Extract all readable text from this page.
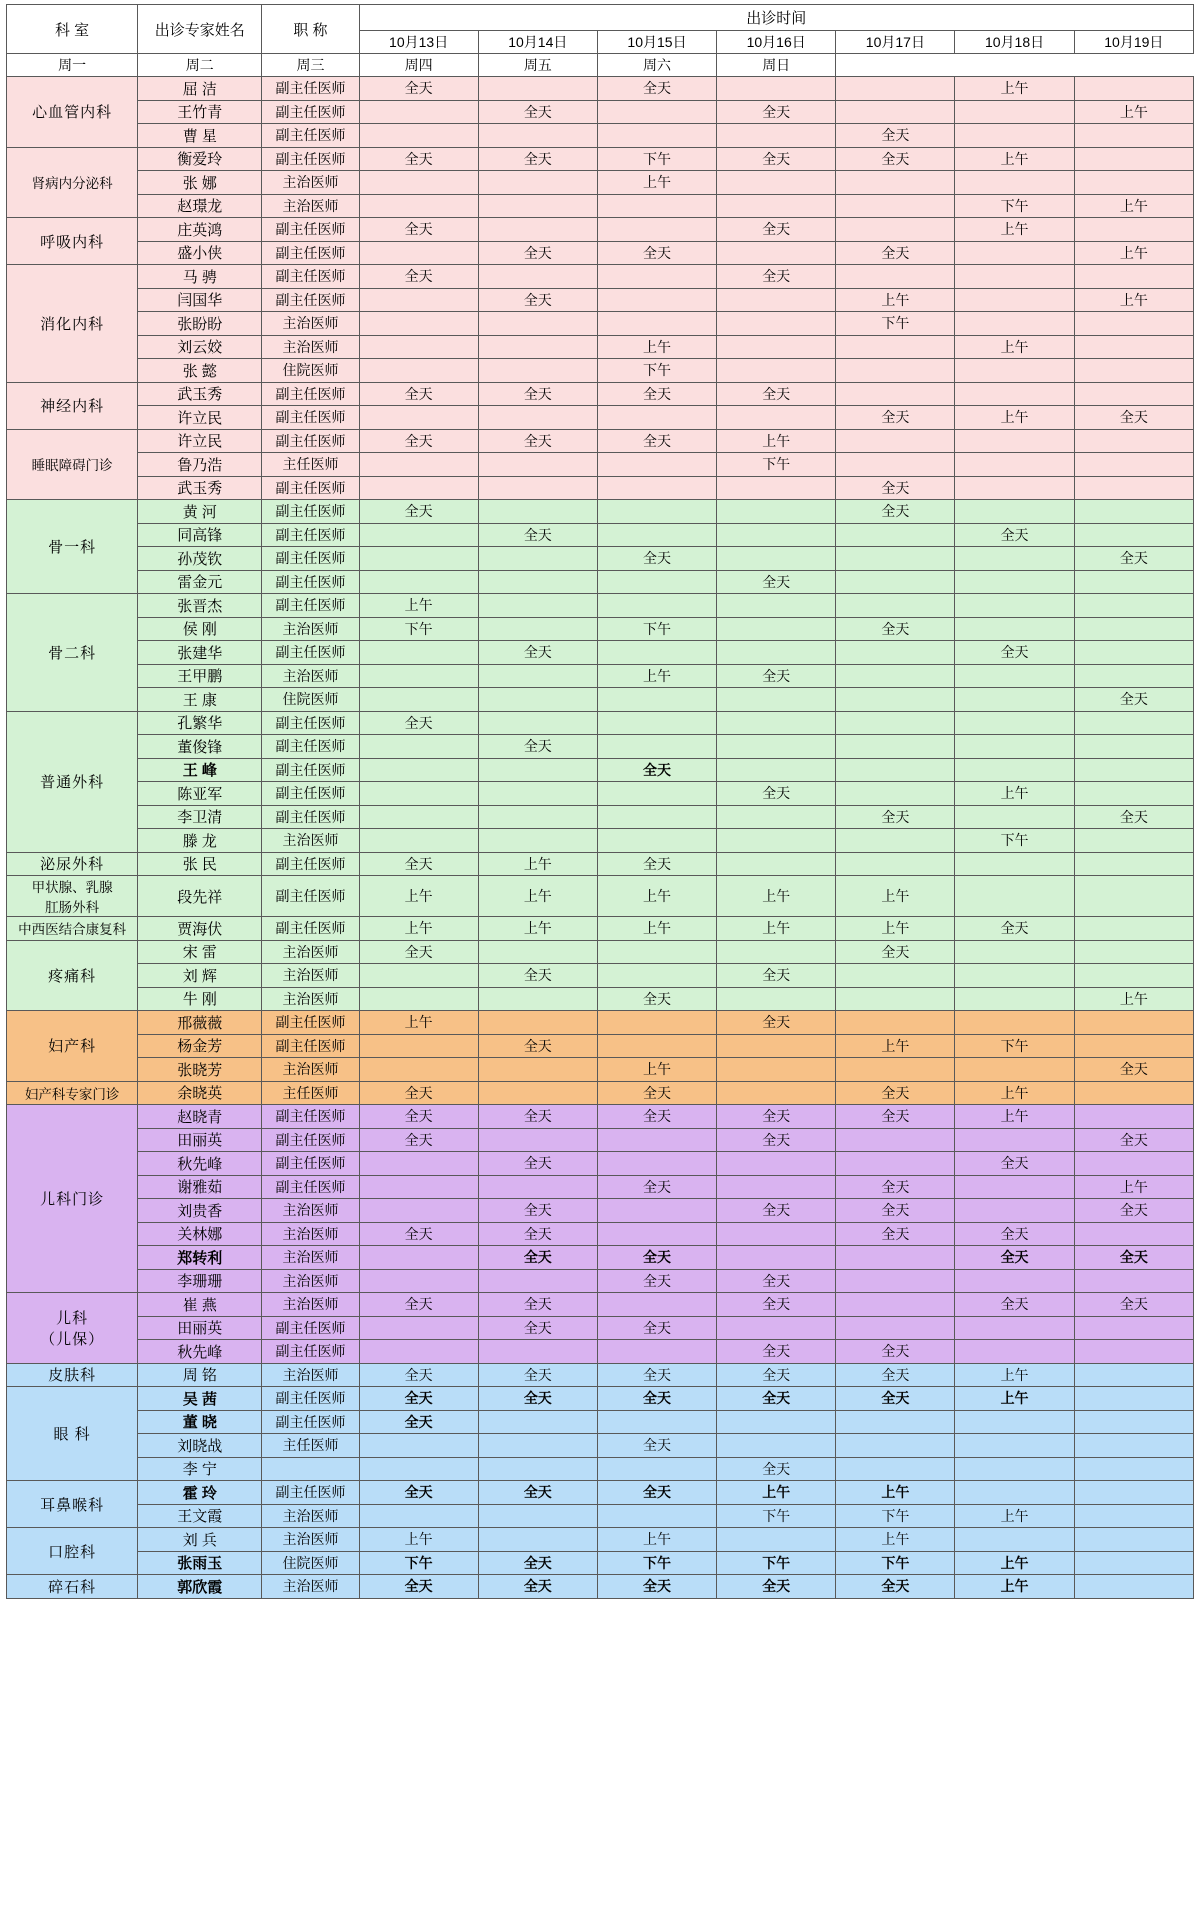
科 室	出诊专家姓名	职 称	出诊时间						
			10月13日	10月14日	10月15日	10月16日	10月17日	10月18日	10月19日
周一	周二	周三	周四	周五	周六	周日			
心血管内科	屈 洁	副主任医师	全天		全天			上午	
	王竹青	副主任医师		全天		全天			上午
	曹 星	副主任医师					全天		
肾病内分泌科	衡爱玲	副主任医师	全天	全天	下午	全天	全天	上午	
	张 娜	主治医师			上午				
	赵璟龙	主治医师						下午	上午
呼吸内科	庄英鸿	副主任医师	全天			全天		上午	
	盛小侠	副主任医师		全天	全天		全天		上午
消化内科	马 骋	副主任医师	全天			全天			
	闫国华	副主任医师		全天			上午		上午
	张盼盼	主治医师					下午		
	刘云姣	主治医师			上午			上午	
	张 懿	住院医师			下午				
神经内科	武玉秀	副主任医师	全天	全天	全天	全天			
	许立民	副主任医师					全天	上午	全天
睡眠障碍门诊	许立民	副主任医师	全天	全天	全天	上午			
	鲁乃浩	主任医师				下午			
	武玉秀	副主任医师					全天		
骨一科	黄 河	副主任医师	全天				全天		
	同高锋	副主任医师		全天				全天	
	孙茂钦	副主任医师			全天				全天
	雷金元	副主任医师				全天			
骨二科	张晋杰	副主任医师	上午						
	侯 刚	主治医师	下午		下午		全天		
	张建华	副主任医师		全天				全天	
	王甲鹏	主治医师			上午	全天			
	王 康	住院医师							全天
普通外科	孔繁华	副主任医师	全天						
	董俊锋	副主任医师		全天					
	王 峰	副主任医师			全天				
	陈亚军	副主任医师				全天		上午	
	李卫清	副主任医师					全天		全天
	滕 龙	主治医师						下午	
泌尿外科	张 民	副主任医师	全天	上午	全天				
甲状腺、乳腺
肛肠外科	段先祥	副主任医师	上午	上午	上午	上午	上午		
中西医结合康复科	贾海伏	副主任医师	上午	上午	上午	上午	上午	全天	
疼痛科	宋 雷	主治医师	全天				全天		
	刘 辉	主治医师		全天		全天			
	牛 刚	主治医师			全天				上午
妇产科	邢薇薇	副主任医师	上午			全天			
	杨金芳	副主任医师		全天			上午	下午	
	张晓芳	主治医师			上午				全天
妇产科专家门诊	余晓英	主任医师	全天		全天		全天	上午	
儿科门诊	赵晓青	副主任医师	全天	全天	全天	全天	全天	上午	
	田丽英	副主任医师	全天			全天			全天
	秋先峰	副主任医师		全天				全天	
	谢雅茹	副主任医师			全天		全天		上午
	刘贵香	主治医师		全天		全天	全天		全天
	关林娜	主治医师	全天	全天			全天	全天	
	郑转利	主治医师		全天	全天			全天	全天
	李珊珊	主治医师			全天	全天			
儿科
（儿保）	崔 燕	主治医师	全天	全天		全天		全天	全天
	田丽英	副主任医师		全天	全天				
	秋先峰	副主任医师				全天	全天		
皮肤科	周 铭	主治医师	全天	全天	全天	全天	全天	上午	
眼 科	吴 茜	副主任医师	全天	全天	全天	全天	全天	上午	
	董 晓	副主任医师	全天						
	刘晓战	主任医师			全天				
	李 宁					全天			
耳鼻喉科	霍 玲	副主任医师	全天	全天	全天	上午	上午		
	王文霞	主治医师				下午	下午	上午	
口腔科	刘 兵	主治医师	上午		上午		上午		
	张雨玉	住院医师	下午	全天	下午	下午	下午	上午	
碎石科	郭欣霞	主治医师	全天	全天	全天	全天	全天	上午	
